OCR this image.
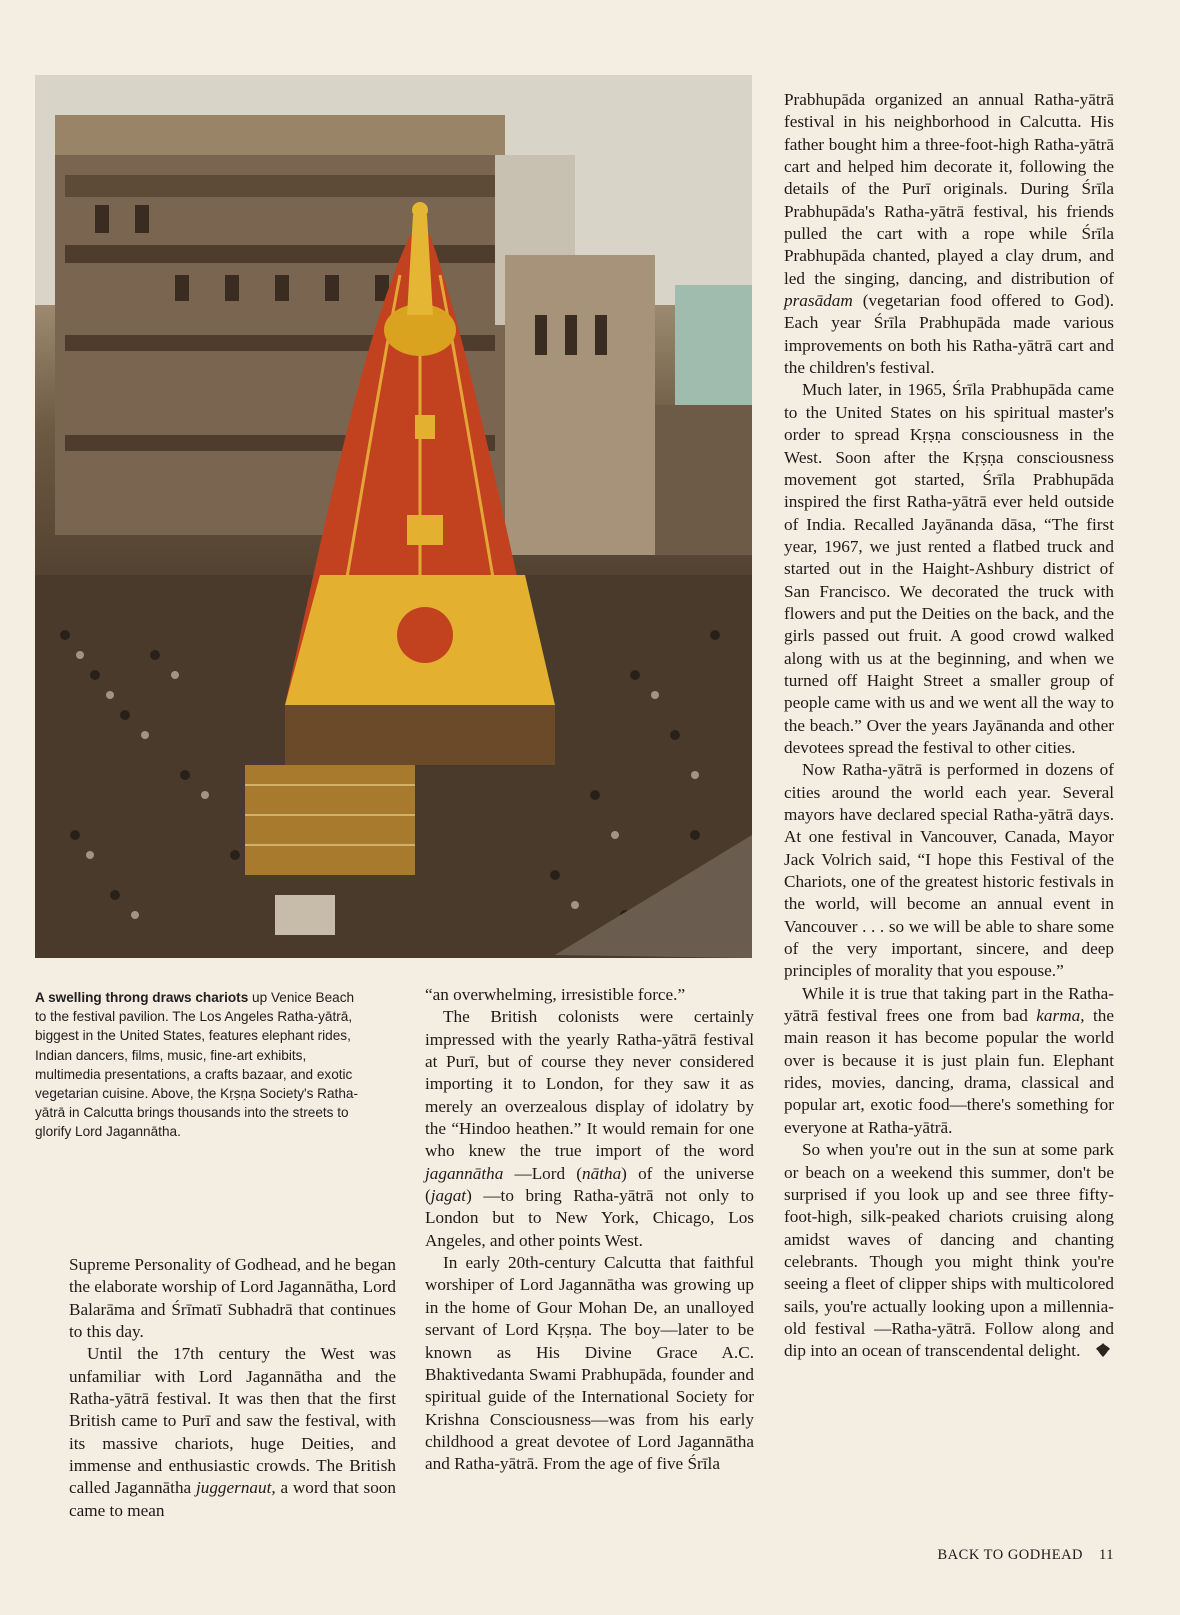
A swelling throng draws chariots up Venice Beach to the festival pavilion. The Los Angeles Ratha-yātrā, biggest in the United States, features elephant rides, Indian dancers, films, music, fine-art exhibits, multimedia presentations, a crafts bazaar, and exotic vegetarian cuisine. Above, the Kṛṣṇa Society's Ratha-yātrā in Calcutta brings thousands into the streets to glorify Lord Jagannātha.

Supreme Personality of Godhead, and he began the elaborate worship of Lord Jagannātha, Lord Balarāma and Śrīmatī Subhadrā that continues to this day.

Until the 17th century the West was unfamiliar with Lord Jagannātha and the Ratha-yātrā festival. It was then that the first British came to Purī and saw the festival, with its massive chariots, huge Deities, and immense and enthusiastic crowds. The British called Jagannātha juggernaut, a word that soon came to mean

“an overwhelming, irresistible force.”

The British colonists were certainly impressed with the yearly Ratha-yātrā festival at Purī, but of course they never considered importing it to London, for they saw it as merely an overzealous display of idolatry by the “Hindoo heathen.” It would remain for one who knew the true import of the word jagannātha —Lord (nātha) of the universe (jagat) —to bring Ratha-yātrā not only to London but to New York, Chicago, Los Angeles, and other points West.

In early 20th-century Calcutta that faithful worshiper of Lord Jagannātha was growing up in the home of Gour Mohan De, an unalloyed servant of Lord Kṛṣṇa. The boy—later to be known as His Divine Grace A.C. Bhaktivedanta Swami Prabhupāda, founder and spiritual guide of the International Society for Krishna Consciousness—was from his early childhood a great devotee of Lord Jagannātha and Ratha-yātrā. From the age of five Śrīla

Prabhupāda organized an annual Ratha-yātrā festival in his neighborhood in Calcutta. His father bought him a three-foot-high Ratha-yātrā cart and helped him decorate it, following the details of the Purī originals. During Śrīla Prabhupāda's Ratha-yātrā festival, his friends pulled the cart with a rope while Śrīla Prabhupāda chanted, played a clay drum, and led the singing, dancing, and distribution of prasādam (vegetarian food offered to God). Each year Śrīla Prabhupāda made various improvements on both his Ratha-yātrā cart and the children's festival.

Much later, in 1965, Śrīla Prabhupāda came to the United States on his spiritual master's order to spread Kṛṣṇa consciousness in the West. Soon after the Kṛṣṇa consciousness movement got started, Śrīla Prabhupāda inspired the first Ratha-yātrā ever held outside of India. Recalled Jayānanda dāsa, “The first year, 1967, we just rented a flatbed truck and started out in the Haight-Ashbury district of San Francisco. We decorated the truck with flowers and put the Deities on the back, and the girls passed out fruit. A good crowd walked along with us at the beginning, and when we turned off Haight Street a smaller group of people came with us and we went all the way to the beach.” Over the years Jayānanda and other devotees spread the festival to other cities.

Now Ratha-yātrā is performed in dozens of cities around the world each year. Several mayors have declared special Ratha-yātrā days. At one festival in Vancouver, Canada, Mayor Jack Volrich said, “I hope this Festival of the Chariots, one of the greatest historic festivals in the world, will become an annual event in Vancouver . . . so we will be able to share some of the very important, sincere, and deep principles of morality that you espouse.”

While it is true that taking part in the Ratha-yātrā festival frees one from bad karma, the main reason it has become popular the world over is because it is just plain fun. Elephant rides, movies, dancing, drama, classical and popular art, exotic food—there's something for everyone at Ratha-yātrā.

So when you're out in the sun at some park or beach on a weekend this summer, don't be surprised if you look up and see three fifty-foot-high, silk-peaked chariots cruising along amidst waves of dancing and chanting celebrants. Though you might think you're seeing a fleet of clipper ships with multicolored sails, you're actually looking upon a millennia-old festival —Ratha-yātrā. Follow along and dip into an ocean of transcendental delight.

BACK TO GODHEAD 11
